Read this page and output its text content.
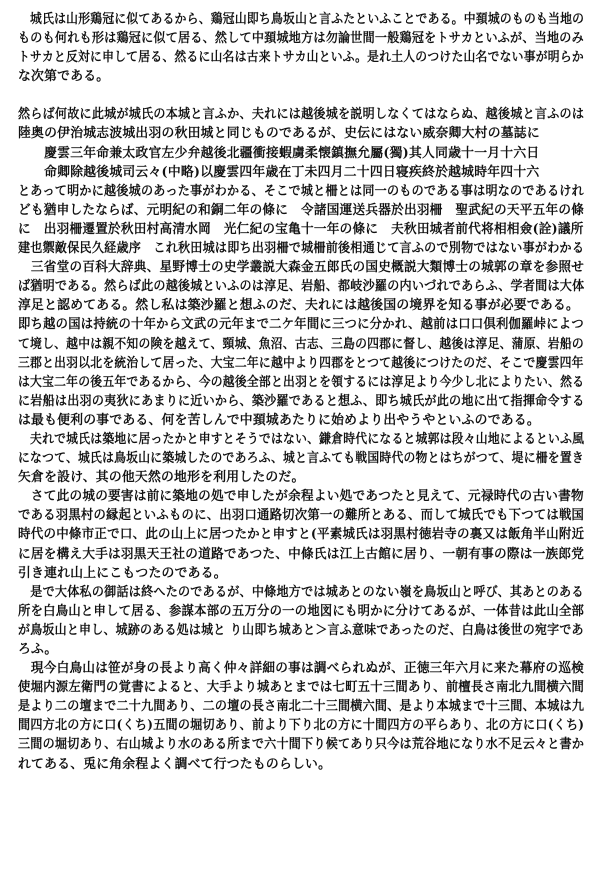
　城氏は山形鶏冠に似てあるから、鶏冠山即ち鳥坂山と言ふたといふことである。中頚城のものも当地の
ものも何れも形は鶏冠に似て居る、然して中頚城地方は勿論世間一般鶏冠をトサカといふが、当地のみ
トサカと反対に申して居る、然るに山名は古来トサカ山といふ。是れ土人のつけた山名でない事が明らか
な次第である。
然らば何故に此城が城氏の本城と言ふか、夫れには越後城を説明しなくてはならぬ、越後城と言ふのは
陸奥の伊治城志波城出羽の秋田城と同じものであるが、史伝にはない威奈卿大村の墓誌に
　　慶雲三年命兼太政官左少弁越後北疆衝接蝦虜柔懐鎮撫允屬(獨)其人同歳十一月十六日
　　命卿除越後城司云々(中略)以慶雲四年歳在丁未四月二十四日寝疾終於越城時年四十六
とあって明かに越後城のあった事がわかる、そこで城と柵とは同一のものである事は明なのであるけれ
ども猶申したならば、元明紀の和銅二年の條に　令諸国運送兵器於出羽柵　聖武紀の天平五年の條
に　出羽柵遷置於秋田村高清水岡　光仁紀の宝亀十一年の條に　夫秋田城者前代将相相僉(詮)議所
建也禦敵保民久経歳序　これ秋田城は即ち出羽柵で城柵前後相通じて言ふので別物ではない事がわかる
　三省堂の百科大辞典、星野博士の史学叢説大森金五郎氏の国史概説大類博士の城郭の章を参照せ
ば猶明である。然らば此の越後城といふのは淳足、岩船、都岐沙羅の内いづれであらふ、学者間は大体
淳足と認めてある。然し私は築沙羅と想ふのだ、夫れには越後国の境界を知る事が必要である。
即ち越の国は持統の十年から文武の元年まで二ケ年間に三つに分かれ、越前は口口倶利伽羅峠によつ
て境し、越中は親不知の険を越えて、頸城、魚沼、古志、三島の四郡に督し、越後は淳足、蒲原、岩船の
三郡と出羽以北を統治して居った、大宝二年に越中より四郡をとつて越後につけたのだ、そこで慶雲四年
は大宝二年の後五年であるから、今の越後全部と出羽とを領するには淳足より今少し北によりたい、然る
に岩船は出羽の夷狄にあまりに近いから、築沙羅であると想ふ、即ち城氏が此の地に出て指揮命令する
は最も便利の事である、何を苦しんで中頚城あたりに始めより出やうやといふのである。
　夫れで城氏は築地に居ったかと申すとそうではない、鎌倉時代になると城郭は段々山地によるといふ風
になつて、城氏は鳥坂山に築城したのであろふ、城と言ふても戦国時代の物とはちがつて、堤に柵を置き
矢倉を設け、其の他天然の地形を利用したのだ。
　さて此の城の要害は前に築地の処で申したが余程よい処であつたと見えて、元禄時代の古い書物
である羽黒村の縁起といふものに、出羽口通路切次第一の難所とある、而して城氏でも下つては戦国
時代の中條市正で口、此の山上に居つたかと申すと(平素城氏は羽黒村徳岩寺の裏又は飯角半山附近
に居を構え大手は羽黒天王社の道路であつた、中條氏は江上古館に居り、一朝有事の際は一族郎党
引き連れ山上にこもつたのである。
　是で大体私の御話は終へたのであるが、中條地方では城あとのない嶺を鳥坂山と呼び、其あとのある
所を白鳥山と申して居る、参謀本部の五万分の一の地図にも明かに分けてあるが、一体昔は此山全部
が鳥坂山と申し、城跡のある処は城と り山即ち城あと＞言ふ意味であったのだ、白鳥は後世の宛字であ
ろふ。
　現今白鳥山は笹が身の長より高く仲々詳細の事は調べられぬが、正徳三年六月に来た幕府の巡検
使堀内源左衛門の覚書によると、大手より城あとまでは七町五十三間あり、前檀長さ南北九間横六間
是より二の壇まで二十九間あり、二の壇の長さ南北二十三間横六間、是より本城まで十三間、本城は九
間四方北の方に口(くち)五間の堀切あり、前より下り北の方に十間四方の平らあり、北の方に口(くち)
三間の堀切あり、右山城より水のある所まで六十間下り候てあり只今は荒谷地になり水不足云々と書か
れてある、兎に角余程よく調べて行つたものらしい。
